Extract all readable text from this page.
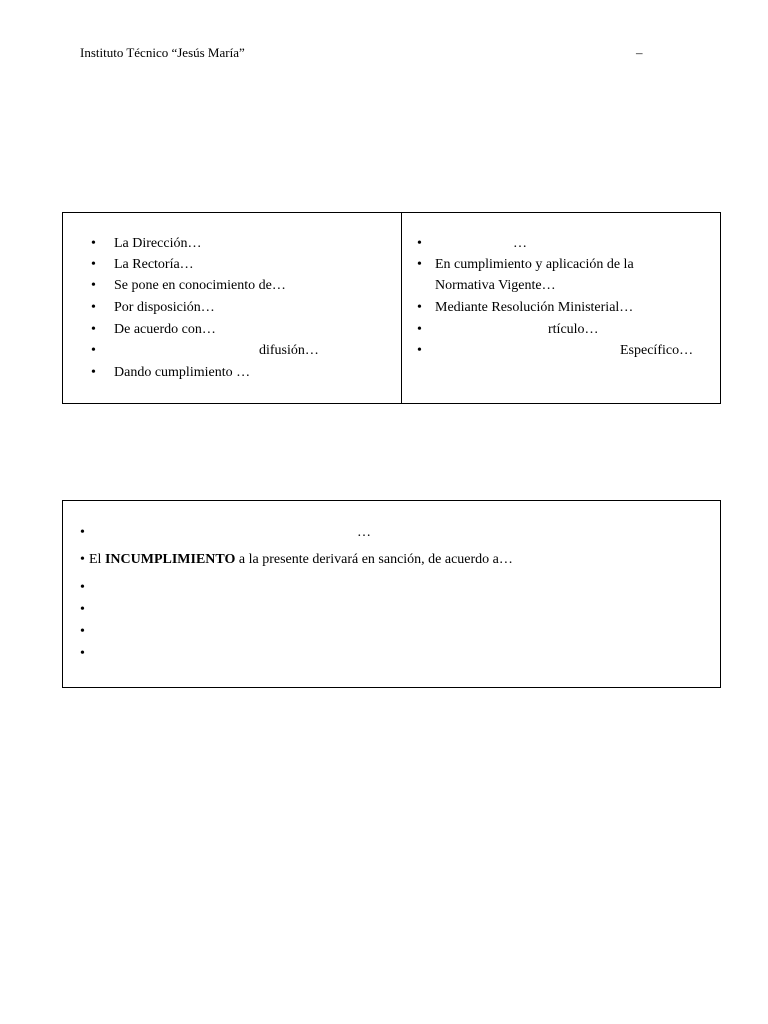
Instituto Técnico “Jesús María”	–
• La Dirección…
• La Rectoría…
• Se pone en conocimiento de…
• Por disposición…
• De acuerdo con…
•	difusión…
• Dando cumplimiento …
•	…
• En cumplimiento y aplicación de la
Normativa Vigente…
• Mediante Resolución Ministerial…
•	rtículo…
•	Específico…
•	…
• El INCUMPLIMIENTO a la presente derivará en sanción, de acuerdo a…
•
•
•
•
